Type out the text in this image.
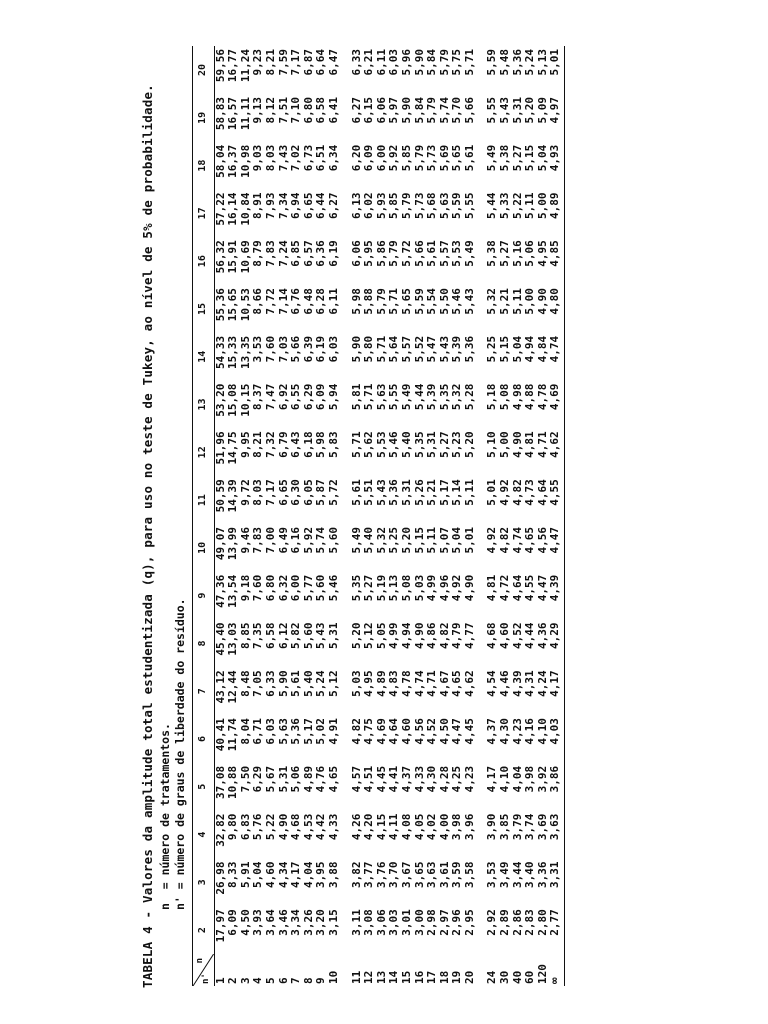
TABELA 4 - Valores da amplitude total estudentizada (q), para uso no teste de Tukey, ao nível de 5% de probabilidade. n  = número de tratamentos. n' = número de graus de liberdade do resíduo.
n
n'	2	3	4	5	6	7	8	9	10	11	12	13	14	15	16	17	18	19	20
1	17,97	26,98	32,82	37,08	40,41	43,12	45,40	47,36	49,07	50,59	51,96	53,20	54,33	55,36	56,32	57,22	58,04	58,83	59,56
2	6,09	8,33	9,80	10,88	11,74	12,44	13,03	13,54	13,99	14,39	14,75	15,08	15,33	15,65	15,91	16,14	16,37	16,57	16,77
3	4,50	5,91	6,83	7,50	8,04	8,48	8,85	9,18	9,46	9,72	9,95	10,15	13,35	10,53	10,69	10,84	10,98	11,11	11,24
4	3,93	5,04	5,76	6,29	6,71	7,05	7,35	7,60	7,83	8,03	8,21	8,37	3,53	8,66	8,79	8,91	9,03	9,13	9,23
5	3,64	4,60	5,22	5,67	6,03	6,33	6,58	6,80	7,00	7,17	7,32	7,47	7,60	7,72	7,83	7,93	8,03	8,12	8,21
6	3,46	4,34	4,90	5,31	5,63	5,90	6,12	6,32	6,49	6,65	6,79	6,92	7,03	7,14	7,24	7,34	7,43	7,51	7,59
7	3,34	4,17	4,68	5,06	5,36	5,61	5,82	6,00	6,16	6,30	6,43	6,55	5,66	6,76	6,85	6,94	7,02	7,10	7,17
8	3,26	4,04	4,53	4,89	5,17	5,40	5,60	5,77	5,92	6,05	6,18	6,29	6,39	6,48	6,57	6,65	6,73	6,80	6,87
9	3,20	3,95	4,42	4,76	5,02	5,24	5,43	5,60	5,74	5,87	5,98	6,09	6,19	6,28	6,36	6,44	6,51	6,58	6,64
10	3,15	3,88	4,33	4,65	4,91	5,12	5,31	5,46	5,60	5,72	5,83	5,94	6,03	6,11	6,19	6,27	6,34	6,41	6,47

11	3,11	3,82	4,26	4,57	4,82	5,03	5,20	5,35	5,49	5,61	5,71	5,81	5,90	5,98	6,06	6,13	6,20	6,27	6,33
12	3,08	3,77	4,20	4,51	4,75	4,95	5,12	5,27	5,40	5,51	5,62	5,71	5,80	5,88	5,95	6,02	6,09	6,15	6,21
13	3,06	3,76	4,15	4,45	4,69	4,89	5,05	5,19	5,32	5,43	5,53	5,63	5,71	5,79	5,86	5,93	6,00	6,06	6,11
14	3,03	3,70	4,11	4,41	4,64	4,83	4,99	5,13	5,25	5,36	5,46	5,55	5,64	5,71	5,79	5,85	5,92	5,97	6,03
15	3,01	3,67	4,08	4,37	4,60	4,78	4,94	5,08	5,20	5,31	5,40	5,49	5,57	5,65	5,72	5,79	5,85	5,90	5,96
16	3,00	3,65	4,05	4,33	4,56	4,74	4,90	5,03	5,15	5,26	5,35	5,44	5,52	5,59	5,66	5,73	5,79	5,84	5,90
17	2,98	3,63	4,02	4,30	4,52	4,71	4,86	4,99	5,11	5,21	5,31	5,39	5,47	5,54	5,61	5,68	5,73	5,79	5,84
18	2,97	3,61	4,00	4,28	4,50	4,67	4,82	4,96	5,07	5,17	5,27	5,35	5,43	5,50	5,57	5,63	5,69	5,74	5,79
19	2,96	3,59	3,98	4,25	4,47	4,65	4,79	4,92	5,04	5,14	5,23	5,32	5,39	5,46	5,53	5,59	5,65	5,70	5,75
20	2,95	3,58	3,96	4,23	4,45	4,62	4,77	4,90	5,01	5,11	5,20	5,28	5,36	5,43	5,49	5,55	5,61	5,66	5,71

24	2,92	3,53	3,90	4,17	4,37	4,54	4,68	4,81	4,92	5,01	5,10	5,18	5,25	5,32	5,38	5,44	5,49	5,55	5,59
30	2,89	3,49	3,85	4,10	4,30	4,46	4,60	4,72	4,82	4,92	5,00	5,08	5,15	5,21	5,27	5,33	5,38	5,43	5,48
40	2,86	3,44	3,79	4,04	4,23	4,39	4,52	4,64	4,74	4,82	4,90	4,98	5,04	5,11	5,16	5,22	5,27	5,31	5,36
60	2,83	3,40	3,74	3,98	4,16	4,31	4,44	4,55	4,65	4,73	4,81	4,88	4,94	5,00	5,06	5,11	5,15	5,20	5,24
120	2,80	3,36	3,69	3,92	4,10	4,24	4,36	4,47	4,56	4,64	4,71	4,78	4,84	4,90	4,95	5,00	5,04	5,09	5,13
∞	2,77	3,31	3,63	3,86	4,03	4,17	4,29	4,39	4,47	4,55	4,62	4,69	4,74	4,80	4,85	4,89	4,93	4,97	5,01
